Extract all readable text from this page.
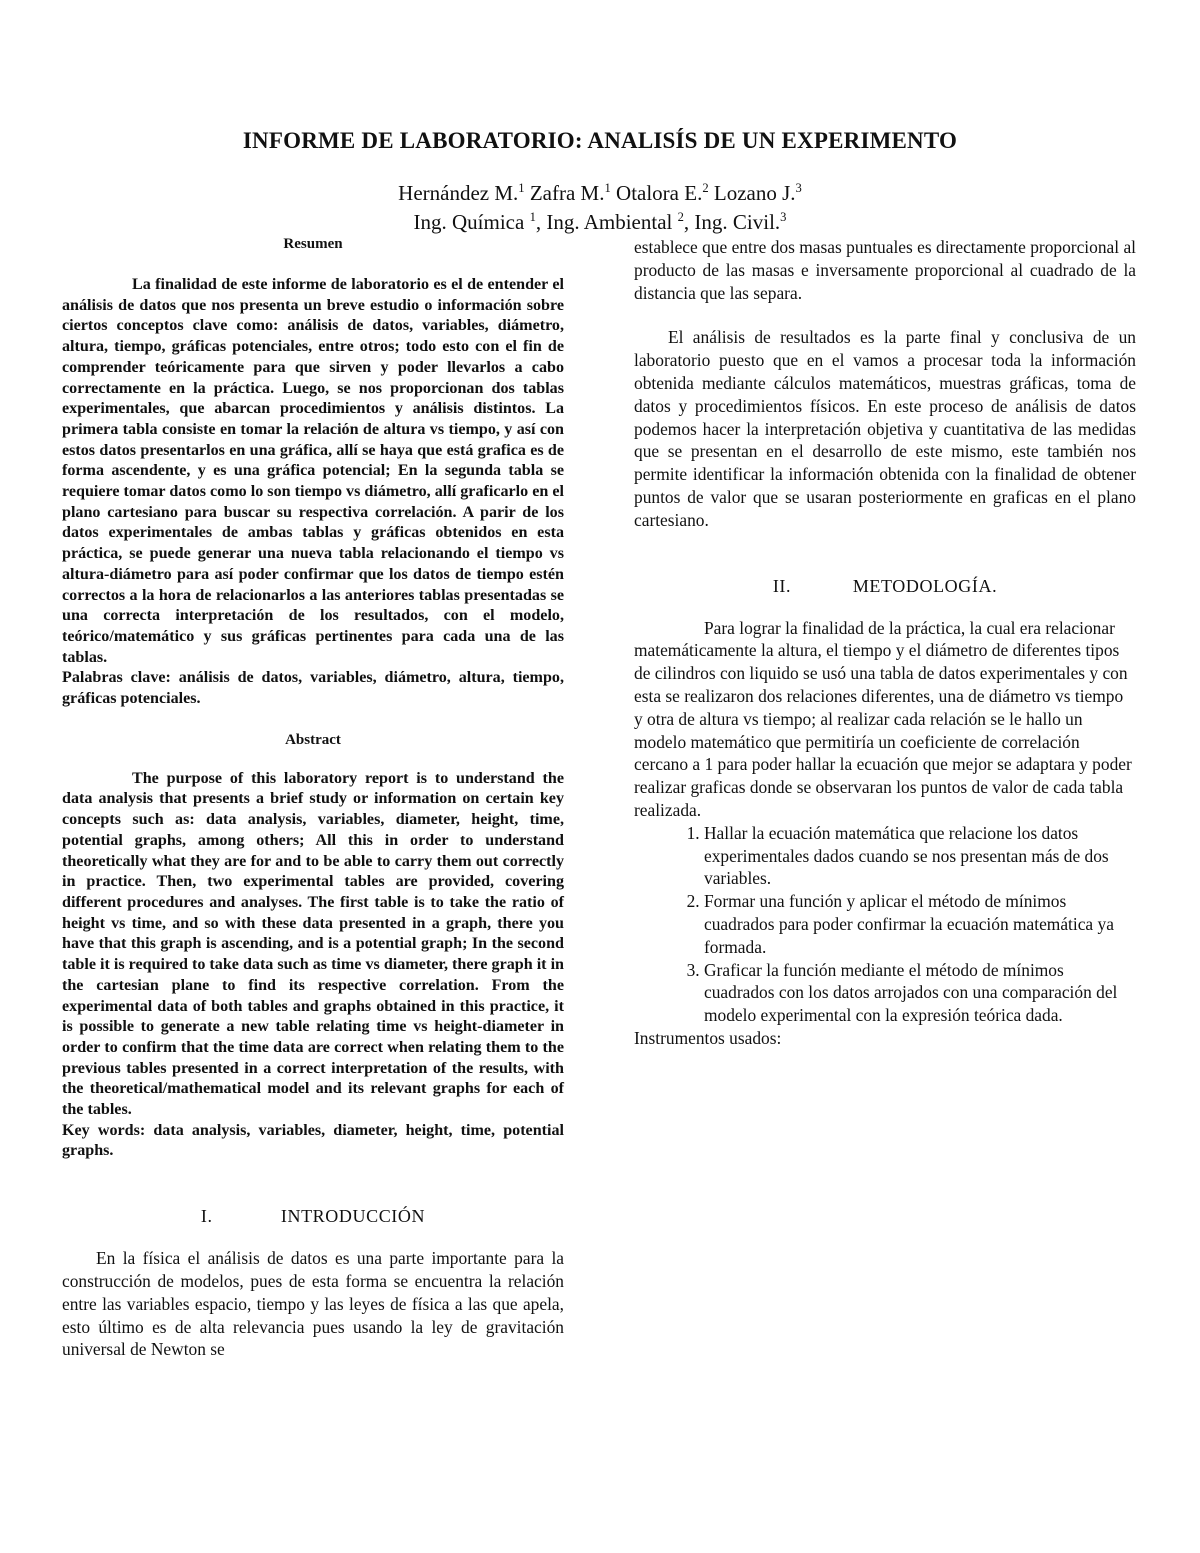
INFORME DE LABORATORIO: ANALISÍS DE UN EXPERIMENTO
Hernández M.$^1$ Zafra M.$^1$ Otalora E.$^2$ Lozano J.$^3$
Ing. Química $^1$, Ing. Ambiental $^2$, Ing. Civil.$^3$

Resumen

La finalidad de este informe de laboratorio es el de entender el análisis de datos que nos presenta un breve estudio o información sobre ciertos conceptos clave como: análisis de datos, variables, diámetro, altura, tiempo, gráficas potenciales, entre otros; todo esto con el fin de comprender teóricamente para que sirven y poder llevarlos a cabo correctamente en la práctica. Luego, se nos proporcionan dos tablas experimentales, que abarcan procedimientos y análisis distintos. La primera tabla consiste en tomar la relación de altura vs tiempo, y así con estos datos presentarlos en una gráfica, allí se haya que está grafica es de forma ascendente, y es una gráfica potencial; En la segunda tabla se requiere tomar datos como lo son tiempo vs diámetro, allí graficarlo en el plano cartesiano para buscar su respectiva correlación. A parir de los datos experimentales de ambas tablas y gráficas obtenidos en esta práctica, se puede generar una nueva tabla relacionando el tiempo vs altura-diámetro para así poder confirmar que los datos de tiempo estén correctos a la hora de relacionarlos a las anteriores tablas presentadas se una correcta interpretación de los resultados, con el modelo, teórico/matemático y sus gráficas pertinentes para cada una de las tablas.

Palabras clave: análisis de datos, variables, diámetro, altura, tiempo, gráficas potenciales.

Abstract

The purpose of this laboratory report is to understand the data analysis that presents a brief study or information on certain key concepts such as: data analysis, variables, diameter, height, time, potential graphs, among others; All this in order to understand theoretically what they are for and to be able to carry them out correctly in practice. Then, two experimental tables are provided, covering different procedures and analyses. The first table is to take the ratio of height vs time, and so with these data presented in a graph, there you have that this graph is ascending, and is a potential graph; In the second table it is required to take data such as time vs diameter, there graph it in the cartesian plane to find its respective correlation. From the experimental data of both tables and graphs obtained in this practice, it is possible to generate a new table relating time vs height-diameter in order to confirm that the time data are correct when relating them to the previous tables presented in a correct interpretation of the results, with the theoretical/mathematical model and its relevant graphs for each of the tables.

Key words: data analysis, variables, diameter, height, time, potential graphs.

I.	INTRODUCCIÓN

En la física el análisis de datos es una parte importante para la construcción de modelos, pues de esta forma se encuentra la relación entre las variables espacio, tiempo y las leyes de física a las que apela, esto último es de alta relevancia pues usando la ley de gravitación universal de Newton se

establece que entre dos masas puntuales es directamente proporcional al producto de las masas e inversamente proporcional al cuadrado de la distancia que las separa.

El análisis de resultados es la parte final y conclusiva de un laboratorio puesto que en el vamos a procesar toda la información obtenida mediante cálculos matemáticos, muestras gráficas, toma de datos y procedimientos físicos. En este proceso de análisis de datos podemos hacer la interpretación objetiva y cuantitativa de las medidas que se presentan en el desarrollo de este mismo, este también nos permite identificar la información obtenida con la finalidad de obtener puntos de valor que se usaran posteriormente en graficas en el plano cartesiano.

II.	METODOLOGÍA.

Para lograr la finalidad de la práctica, la cual era relacionar matemáticamente la altura, el tiempo y el diámetro de diferentes tipos de cilindros con liquido se usó una tabla de datos experimentales y con esta se realizaron dos relaciones diferentes, una de diámetro vs tiempo y otra de altura vs tiempo; al realizar cada relación se le hallo un modelo matemático que permitiría un coeficiente de correlación cercano a 1 para poder hallar la ecuación que mejor se adaptara y poder realizar graficas donde se observaran los puntos de valor de cada tabla realizada.

1. Hallar la ecuación matemática que relacione los datos experimentales dados cuando se nos presentan más de dos variables.
2. Formar una función y aplicar el método de mínimos cuadrados para poder confirmar la ecuación matemática ya formada.
3. Graficar la función mediante el método de mínimos cuadrados con los datos arrojados con una comparación del modelo experimental con la expresión teórica dada.

Instrumentos usados:
